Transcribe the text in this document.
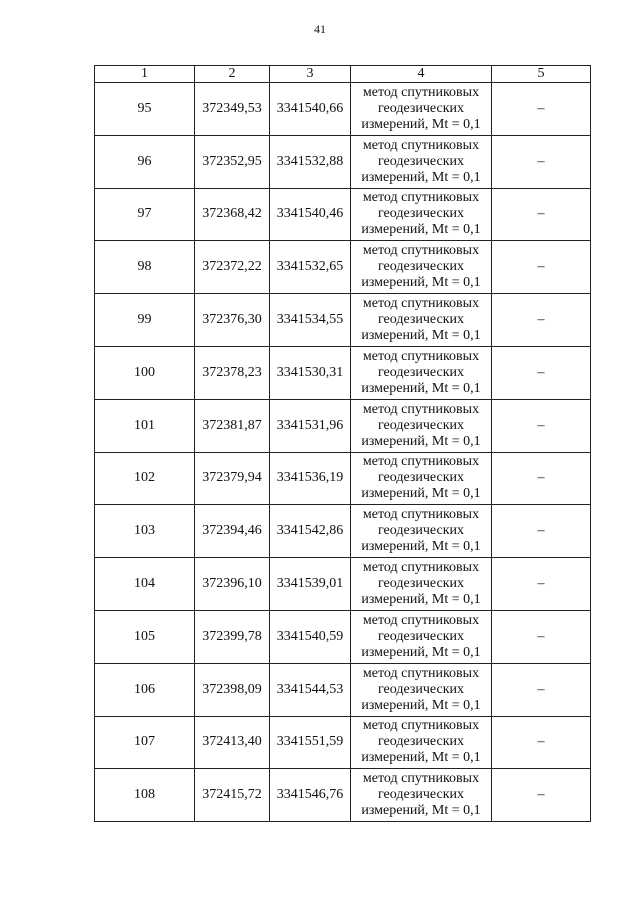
41
1	2	3	4	5
95	372349,53	3341540,66	метод спутниковых
геодезических
измерений, Mt = 0,1	–
96	372352,95	3341532,88	метод спутниковых
геодезических
измерений, Mt = 0,1	–
97	372368,42	3341540,46	метод спутниковых
геодезических
измерений, Mt = 0,1	–
98	372372,22	3341532,65	метод спутниковых
геодезических
измерений, Mt = 0,1	–
99	372376,30	3341534,55	метод спутниковых
геодезических
измерений, Mt = 0,1	–
100	372378,23	3341530,31	метод спутниковых
геодезических
измерений, Mt = 0,1	–
101	372381,87	3341531,96	метод спутниковых
геодезических
измерений, Mt = 0,1	–
102	372379,94	3341536,19	метод спутниковых
геодезических
измерений, Mt = 0,1	–
103	372394,46	3341542,86	метод спутниковых
геодезических
измерений, Mt = 0,1	–
104	372396,10	3341539,01	метод спутниковых
геодезических
измерений, Mt = 0,1	–
105	372399,78	3341540,59	метод спутниковых
геодезических
измерений, Mt = 0,1	–
106	372398,09	3341544,53	метод спутниковых
геодезических
измерений, Mt = 0,1	–
107	372413,40	3341551,59	метод спутниковых
геодезических
измерений, Mt = 0,1	–
108	372415,72	3341546,76	метод спутниковых
геодезических
измерений, Mt = 0,1	–
